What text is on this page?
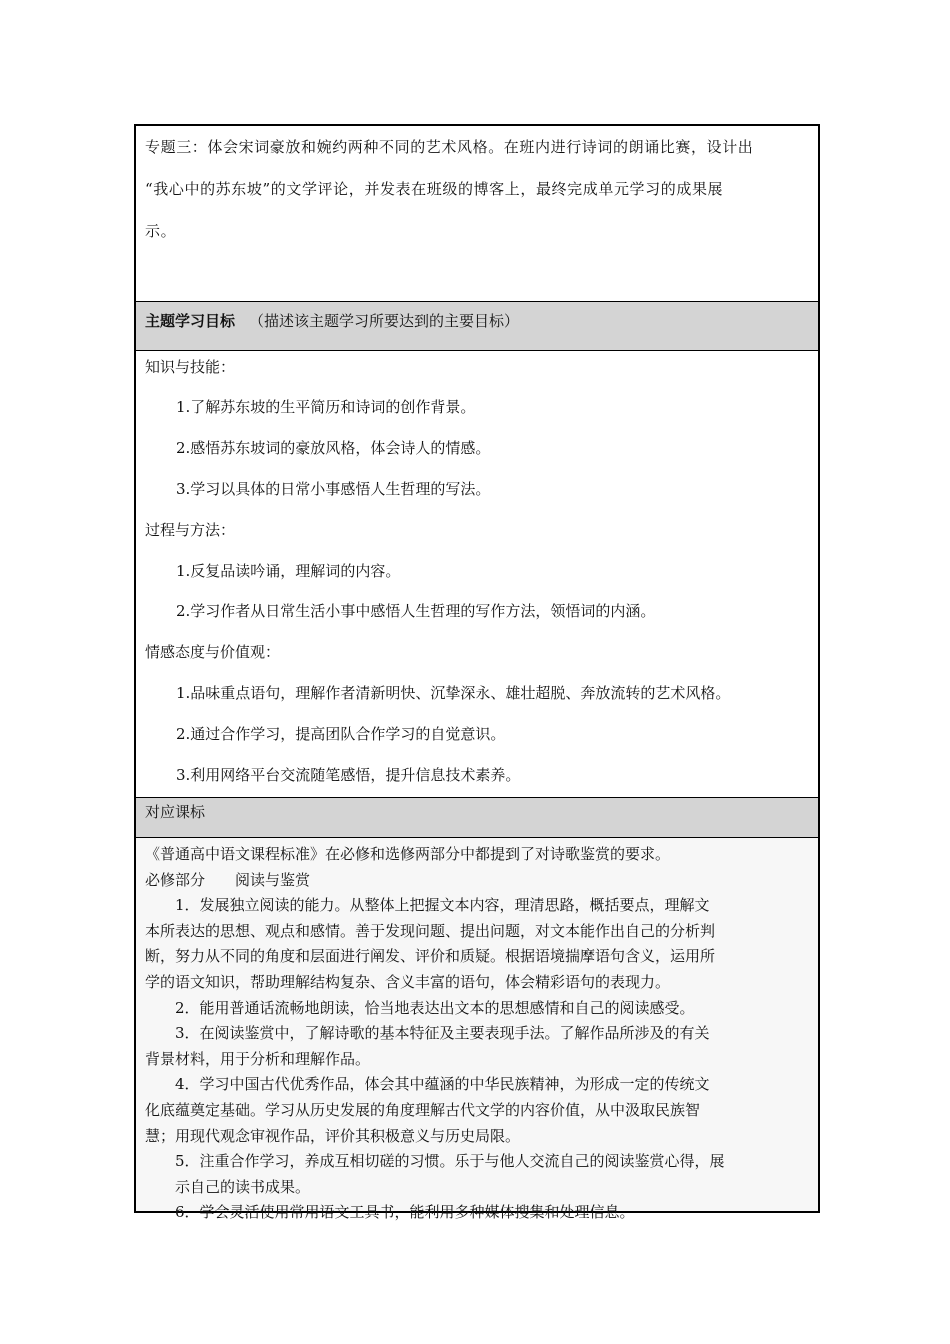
专题三：体会宋词豪放和婉约两种不同的艺术风格。在班内进行诗词的朗诵比赛，设计出
“我心中的苏东坡”的文学评论，并发表在班级的博客上，最终完成单元学习的成果展
示。
主题学习目标 （描述该主题学习所要达到的主要目标）
知识与技能：
1.了解苏东坡的生平简历和诗词的创作背景。
2.感悟苏东坡词的豪放风格，体会诗人的情感。
3.学习以具体的日常小事感悟人生哲理的写法。
过程与方法：
1.反复品读吟诵，理解词的内容。
2.学习作者从日常生活小事中感悟人生哲理的写作方法，领悟词的内涵。
情感态度与价值观：
1.品味重点语句，理解作者清新明快、沉挚深永、雄壮超脱、奔放流转的艺术风格。
2.通过合作学习，提高团队合作学习的自觉意识。
3.利用网络平台交流随笔感悟，提升信息技术素养。
对应课标
《普通高中语文课程标准》在必修和选修两部分中都提到了对诗歌鉴赏的要求。
必修部分　　阅读与鉴赏
　　1．发展独立阅读的能力。从整体上把握文本内容，理清思路，概括要点，理解文
本所表达的思想、观点和感情。善于发现问题、提出问题，对文本能作出自己的分析判
断，努力从不同的角度和层面进行阐发、评价和质疑。根据语境揣摩语句含义，运用所
学的语文知识，帮助理解结构复杂、含义丰富的语句，体会精彩语句的表现力。
　　2．能用普通话流畅地朗读，恰当地表达出文本的思想感情和自己的阅读感受。
　　3．在阅读鉴赏中，了解诗歌的基本特征及主要表现手法。了解作品所涉及的有关
背景材料，用于分析和理解作品。
　　4．学习中国古代优秀作品，体会其中蕴涵的中华民族精神，为形成一定的传统文
化底蕴奠定基础。学习从历史发展的角度理解古代文学的内容价值，从中汲取民族智
慧；用现代观念审视作品，评价其积极意义与历史局限。
　　5．注重合作学习，养成互相切磋的习惯。乐于与他人交流自己的阅读鉴赏心得，展
　　示自己的读书成果。
　　6．学会灵活使用常用语文工具书，能利用多种媒体搜集和处理信息。
